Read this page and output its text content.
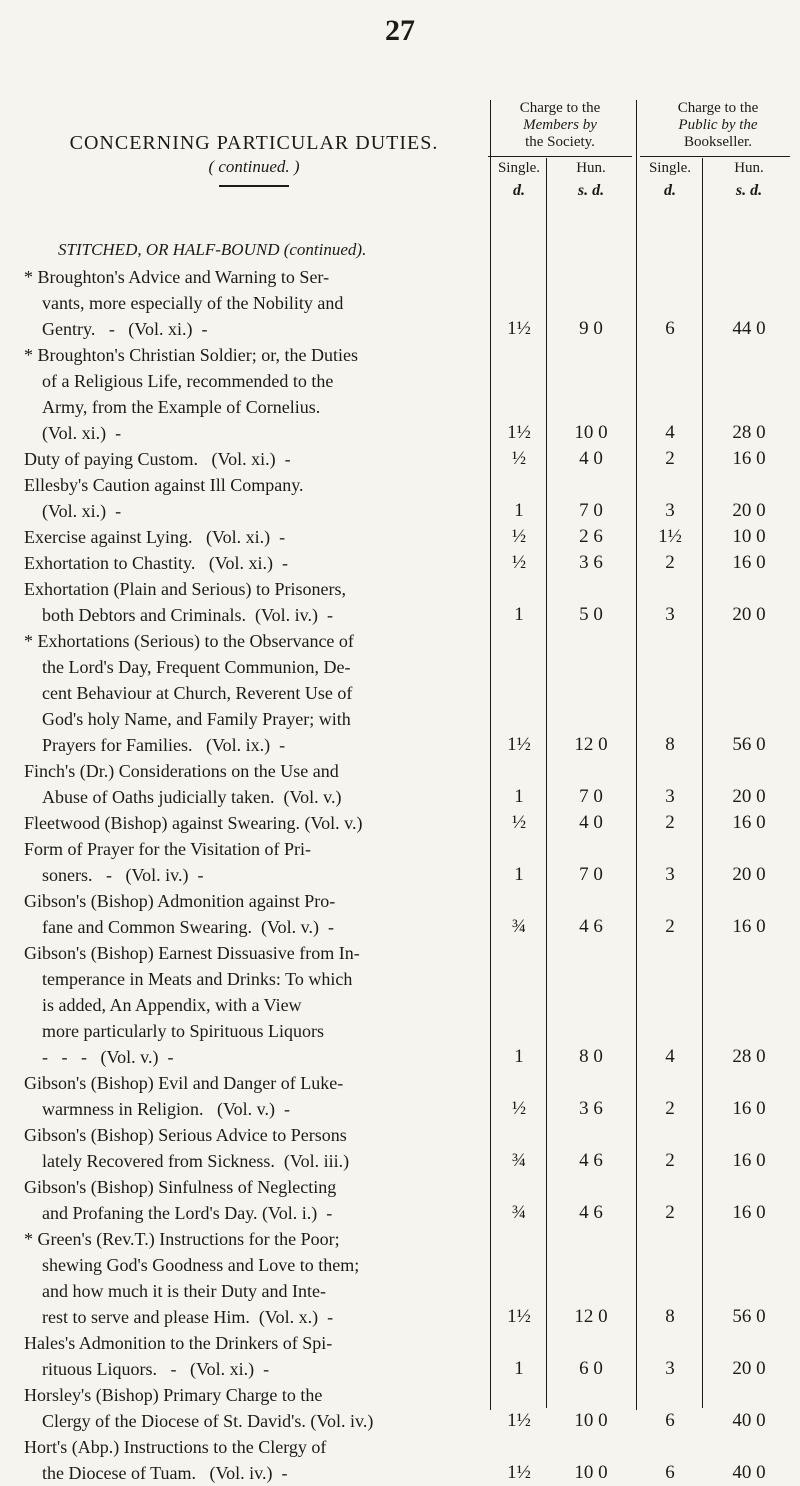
27
CONCERNING PARTICULAR DUTIES.
( continued. )
Charge to the
Members by
the Society.
Charge to the
Public by the
Bookseller.
Single.	Hun.	Single.	Hun.
d.	s. d.	d.	s. d.
STITCHED, OR HALF-BOUND (continued).
* Broughton's Advice and Warning to Ser-
vants, more especially of the Nobility and
Gentry.   -   (Vol. xi.)  -	1½	9 0	6	44 0
* Broughton's Christian Soldier; or, the Duties
of a Religious Life, recommended to the
Army, from the Example of Cornelius.
(Vol. xi.)  -	1½	10 0	4	28 0
Duty of paying Custom.   (Vol. xi.)  -	½	4 0	2	16 0
Ellesby's Caution against Ill Company.
(Vol. xi.)  -	1	7 0	3	20 0
Exercise against Lying.   (Vol. xi.)  -	½	2 6	1½	10 0
Exhortation to Chastity.   (Vol. xi.)  -	½	3 6	2	16 0
Exhortation (Plain and Serious) to Prisoners,
both Debtors and Criminals.  (Vol. iv.)  -	1	5 0	3	20 0
* Exhortations (Serious) to the Observance of
the Lord's Day, Frequent Communion, De-
cent Behaviour at Church, Reverent Use of
God's holy Name, and Family Prayer; with
Prayers for Families.   (Vol. ix.)  -	1½	12 0	8	56 0
Finch's (Dr.) Considerations on the Use and
Abuse of Oaths judicially taken.  (Vol. v.)	1	7 0	3	20 0
Fleetwood (Bishop) against Swearing. (Vol. v.)	½	4 0	2	16 0
Form of Prayer for the Visitation of Pri-
soners.   -   (Vol. iv.)  -	1	7 0	3	20 0
Gibson's (Bishop) Admonition against Pro-
fane and Common Swearing.  (Vol. v.)  -	¾	4 6	2	16 0
Gibson's (Bishop) Earnest Dissuasive from In-
temperance in Meats and Drinks: To which
is added, An Appendix, with a View
more particularly to Spirituous Liquors
-   -   -   (Vol. v.)  -	1	8 0	4	28 0
Gibson's (Bishop) Evil and Danger of Luke-
warmness in Religion.   (Vol. v.)  -	½	3 6	2	16 0
Gibson's (Bishop) Serious Advice to Persons
lately Recovered from Sickness.  (Vol. iii.)	¾	4 6	2	16 0
Gibson's (Bishop) Sinfulness of Neglecting
and Profaning the Lord's Day. (Vol. i.)  -	¾	4 6	2	16 0
* Green's (Rev.T.) Instructions for the Poor;
shewing God's Goodness and Love to them;
and how much it is their Duty and Inte-
rest to serve and please Him.  (Vol. x.)  -	1½	12 0	8	56 0
Hales's Admonition to the Drinkers of Spi-
rituous Liquors.   -   (Vol. xi.)  -	1	6 0	3	20 0
Horsley's (Bishop) Primary Charge to the
Clergy of the Diocese of St. David's. (Vol. iv.)	1½	10 0	6	40 0
Hort's (Abp.) Instructions to the Clergy of
the Diocese of Tuam.   (Vol. iv.)  -	1½	10 0	6	40 0
